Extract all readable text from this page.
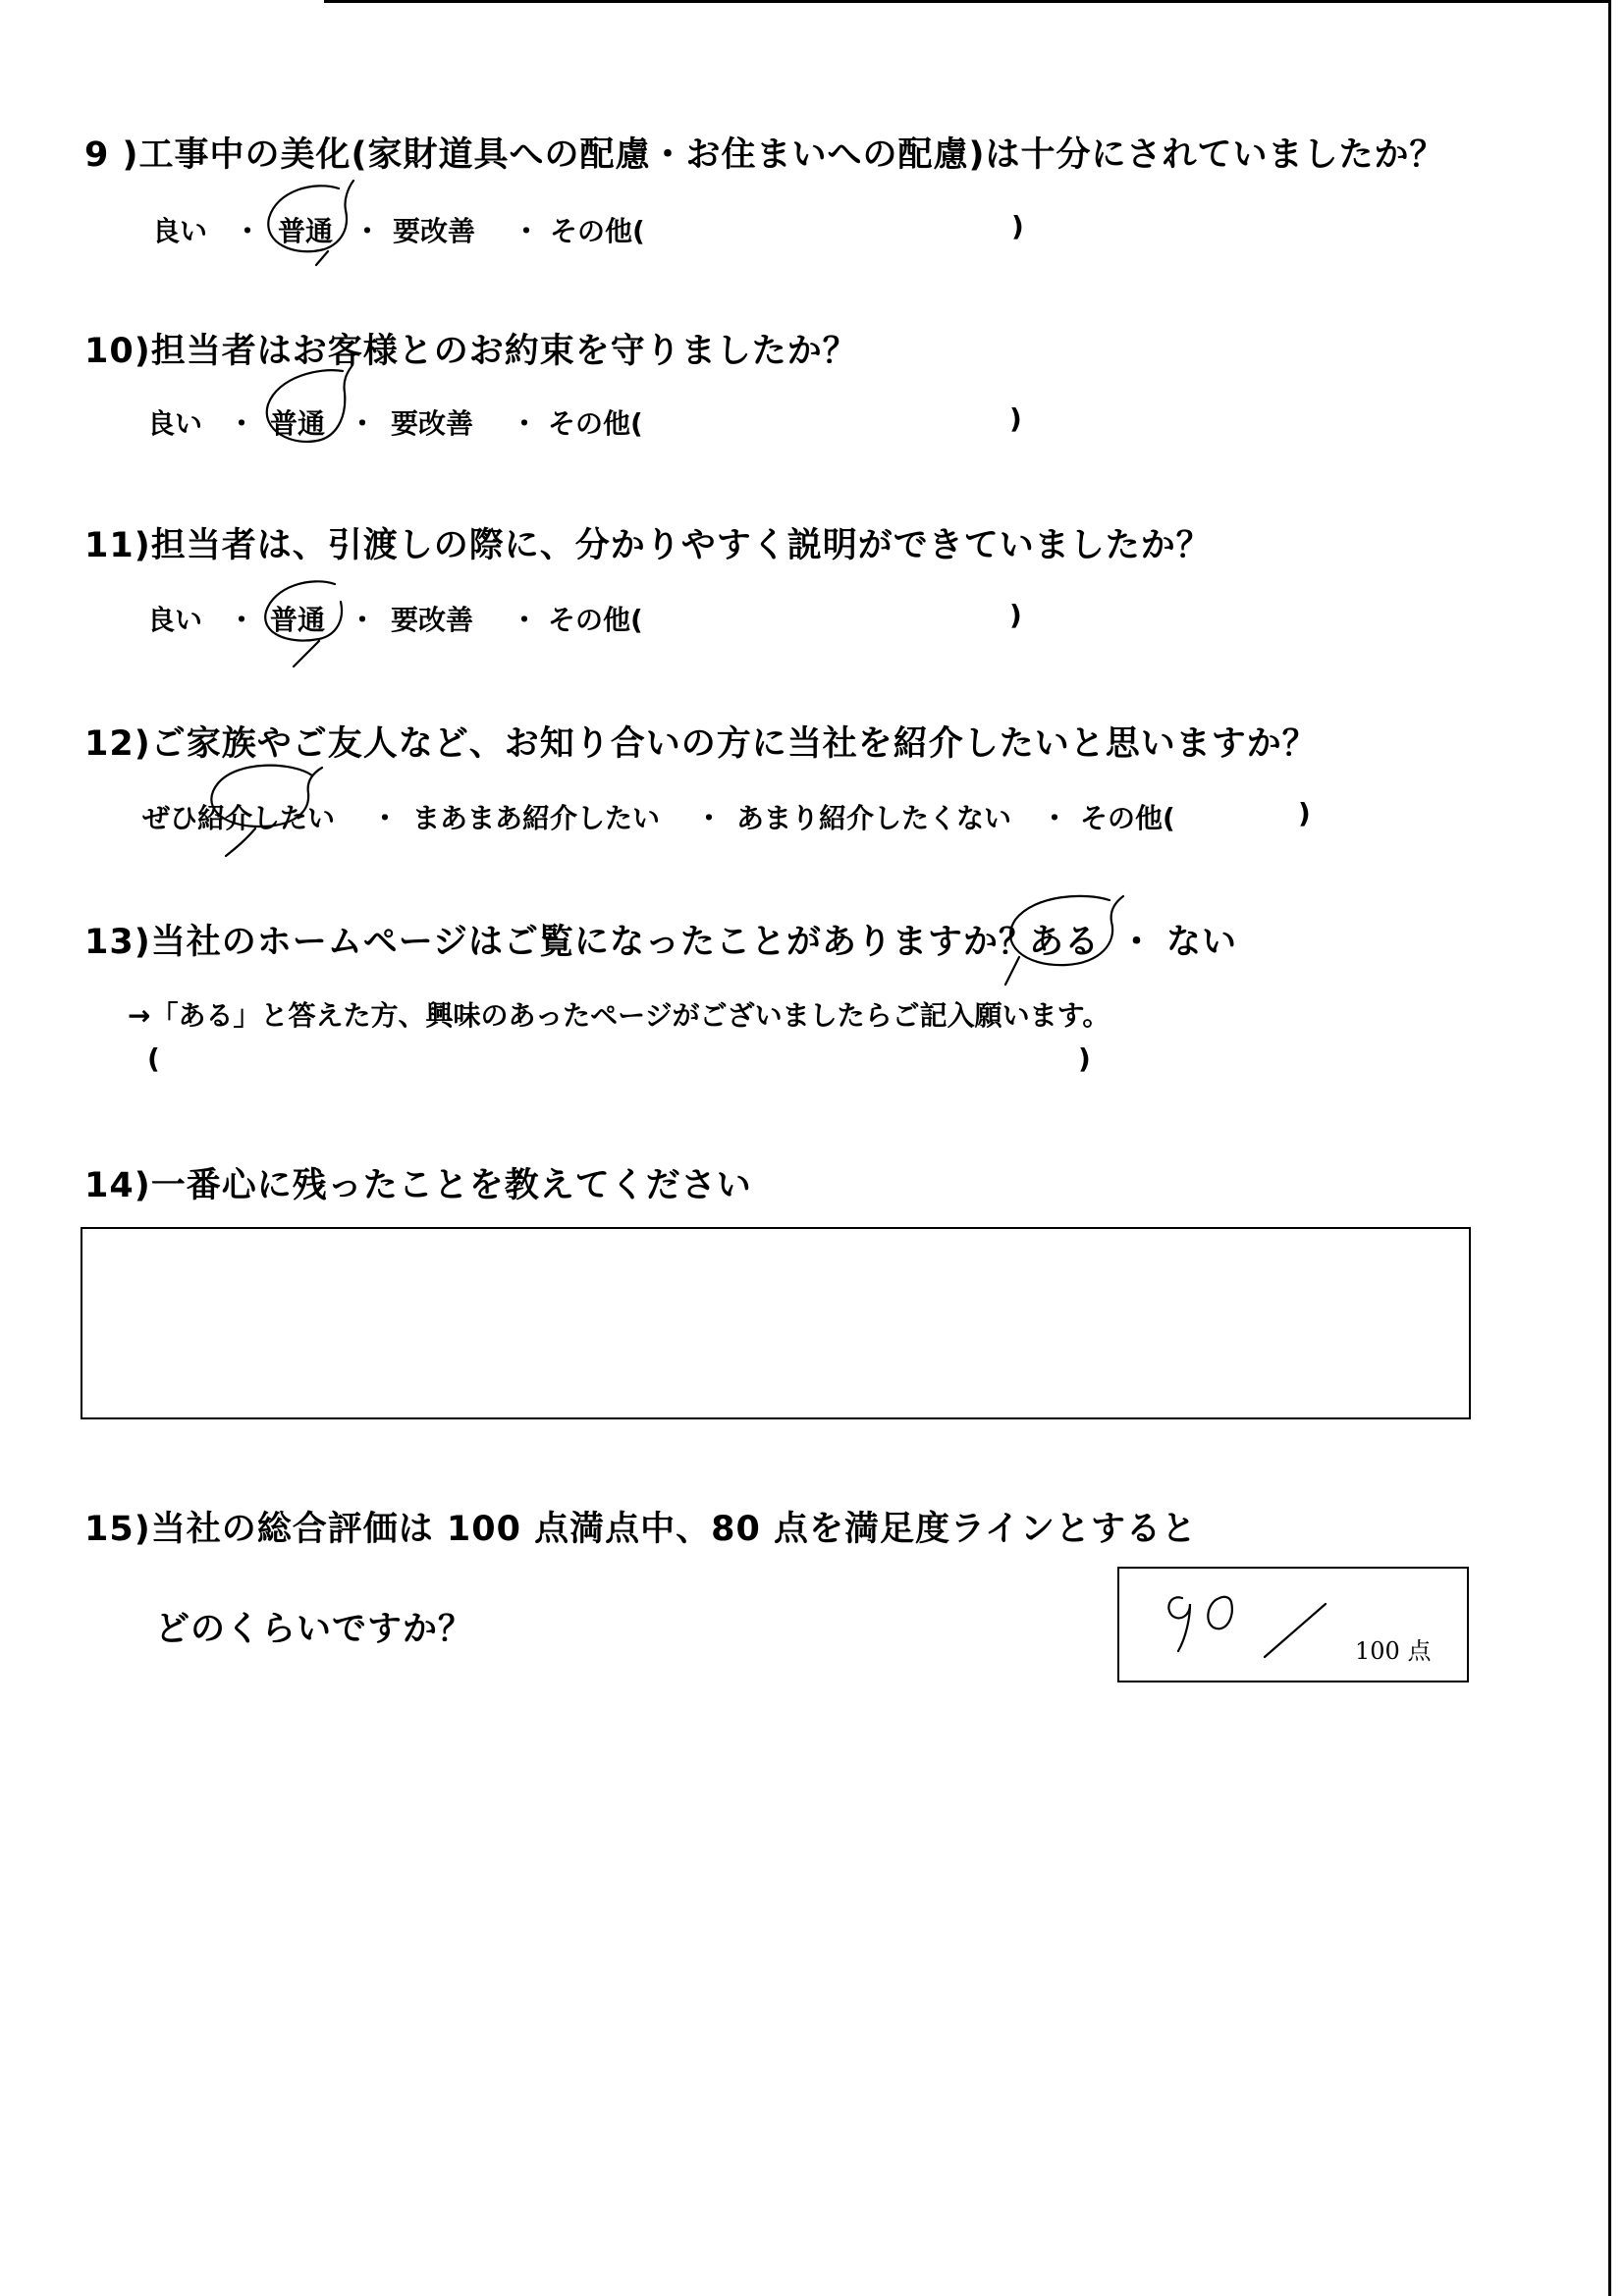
9 )工事中の美化(家財道具への配慮・お住まいへの配慮)は十分にされていましたか？
良い ・ 普通 ・ 要改善 ・ その他(	)
10)担当者はお客様とのお約束を守りましたか？
良い ・ 普通 ・ 要改善 ・ その他(	)
11)担当者は、引渡しの際に、分かりやすく説明ができていましたか？
良い ・ 普通 ・ 要改善 ・ その他(	)
12)ご家族やご友人など、お知り合いの方に当社を紹介したいと思いますか？
ぜひ紹介したい ・ まあまあ紹介したい ・ あまり紹介したくない ・ その他(	)
13)当社のホームページはご覧になったことがありますか？
ある ・ ない
→「ある」と答えた方、興味のあったページがございましたらご記入願います。
(	)
14)一番心に残ったことを教えてください
15)当社の総合評価は 100 点満点中、80 点を満足度ラインとすると
どのくらいですか？
100 点
